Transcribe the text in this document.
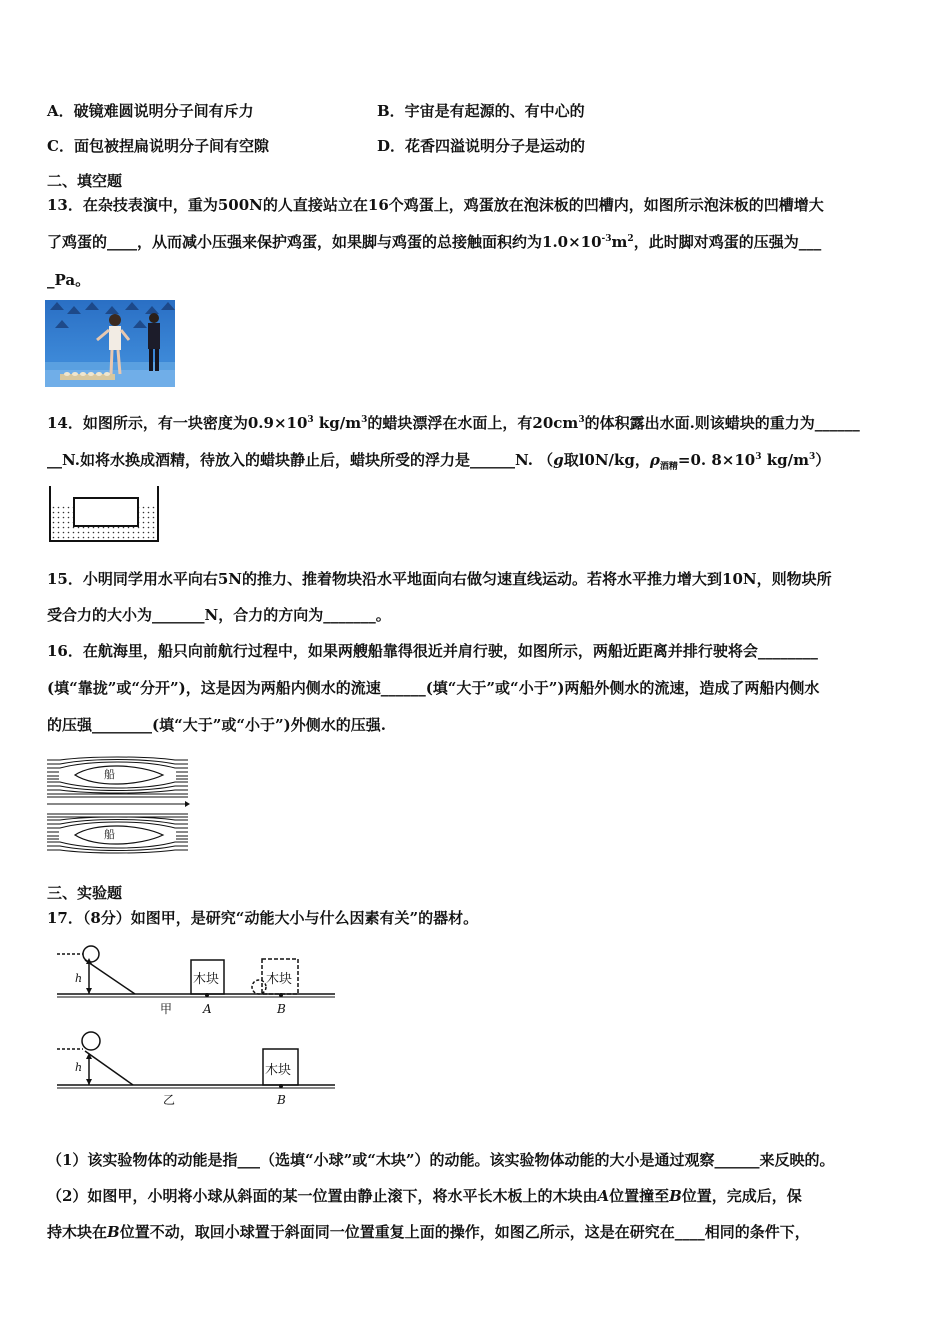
A．破镜难圆说明分子间有斥力	B．宇宙是有起源的、有中心的
C．面包被捏扁说明分子间有空隙	D．花香四溢说明分子是运动的
二、填空题
13．在杂技表演中，重为500N的人直接站立在16个鸡蛋上，鸡蛋放在泡沫板的凹槽内，如图所示泡沫板的凹槽增大
了鸡蛋的____，从而减小压强来保护鸡蛋，如果脚与鸡蛋的总接触面积约为$1.0\times 10^{-3}m^2$，此时脚对鸡蛋的压强为___
_Pa。
14．如图所示，有一块密度为$0.9\times 10^3$ $kg/m^3$的蜡块漂浮在水面上，有$20cm^3$的体积露出水面.则该蜡块的重力为______
__N.如将水换成酒精，待放入的蜡块静止后，蜡块所受的浮力是______N. （g取l0N/kg，$\rho_{酒精}=0$. $8\times 10^3$ $kg/m^3$）
15．小明同学用水平向右5N的推力、推着物块沿水平地面向右做匀速直线运动。若将水平推力增大到10N，则物块所
受合力的大小为_______N，合力的方向为_______。
16．在航海里，船只向前航行过程中，如果两艘船靠得很近并肩行驶，如图所示，两船近距离并排行驶将会________
(填“靠拢”或“分开”)，这是因为两船内侧水的流速______(填“大于”或“小于”)两船外侧水的流速，造成了两船内侧水
的压强________(填“大于”或“小于”)外侧水的压强.
船
船
三、实验题
17．（8分）如图甲，是研究“动能大小与什么因素有关”的器材。
h	木块	木块
甲	A	B
h	木块
乙	B
（1）该实验物体的动能是指___（选填“小球”或“木块”）的动能。该实验物体动能的大小是通过观察______来反映的。
（2）如图甲，小明将小球从斜面的某一位置由静止滚下，将水平长木板上的木块由A位置撞至B位置，完成后，保
持木块在B位置不动，取回小球置于斜面同一位置重复上面的操作，如图乙所示，这是在研究在____相同的条件下，
